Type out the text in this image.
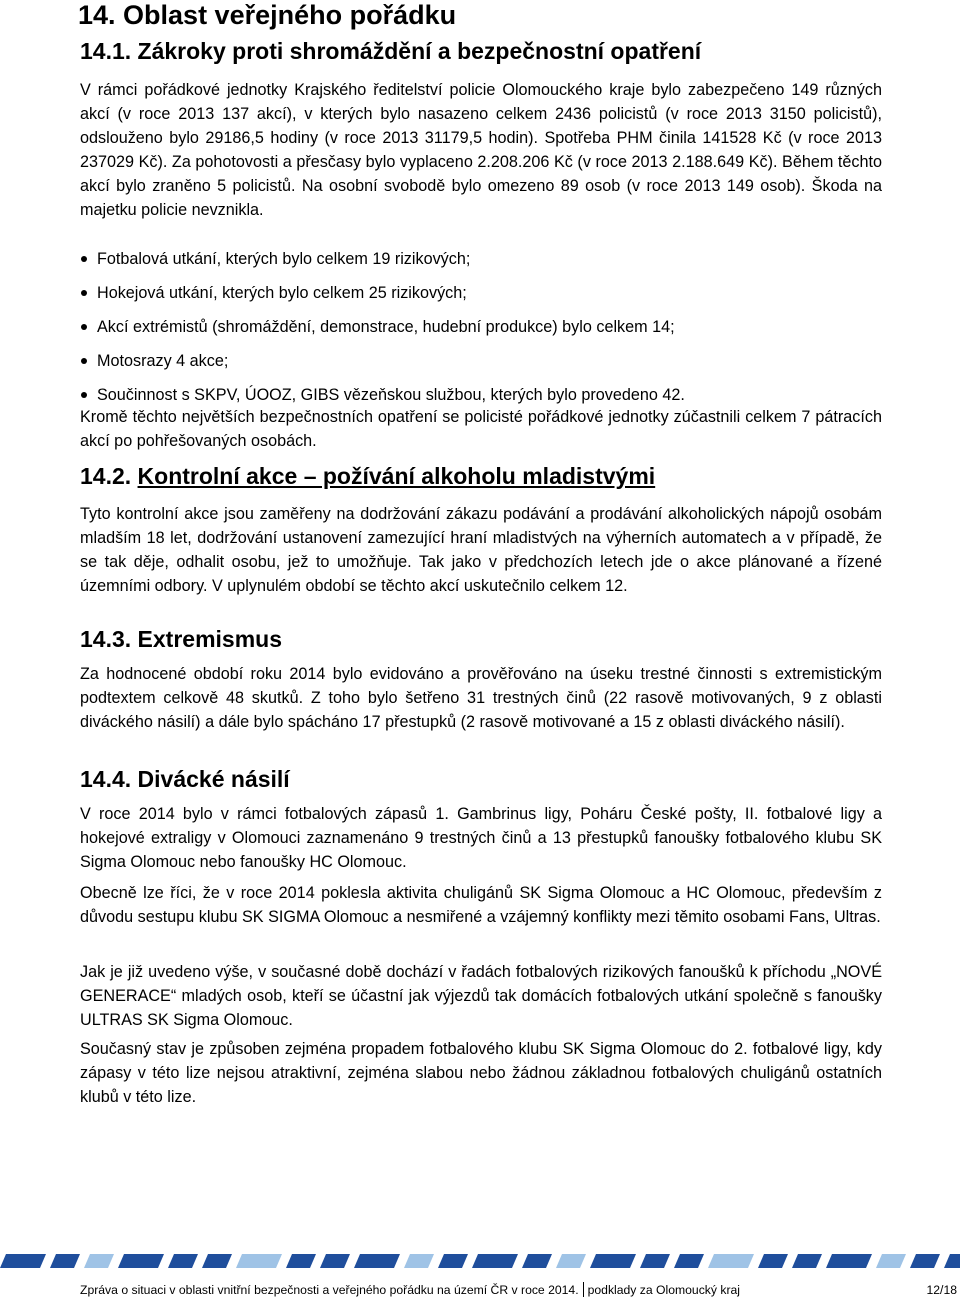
14. Oblast veřejného pořádku
14.1. Zákroky proti shromáždění a bezpečnostní opatření

V rámci pořádkové jednotky Krajského ředitelství policie Olomouckého kraje bylo zabezpečeno 149 různých akcí (v roce 2013 137 akcí), v kterých bylo nasazeno celkem 2436 policistů (v roce 2013 3150 policistů), odslouženo bylo 29186,5 hodiny (v roce 2013 31179,5 hodin). Spotřeba PHM činila 141528 Kč (v roce 2013 237029 Kč). Za pohotovosti a přesčasy bylo vyplaceno 2.208.206 Kč (v roce 2013 2.188.649 Kč). Během těchto akcí bylo zraněno 5 policistů. Na osobní svobodě bylo omezeno 89 osob (v roce 2013 149 osob). Škoda na majetku policie nevznikla.

Fotbalová utkání, kterých bylo celkem 19 rizikových;
Hokejová utkání, kterých bylo celkem 25 rizikových;
Akcí extrémistů (shromáždění, demonstrace, hudební produkce) bylo celkem 14;
Motosrazy 4 akce;
Součinnost s SKPV, ÚOOZ, GIBS vězeňskou službou, kterých bylo provedeno 42.

Kromě těchto největších bezpečnostních opatření se policisté pořádkové jednotky zúčastnili celkem 7 pátracích akcí po pohřešovaných osobách.

14.2. Kontrolní akce – požívání alkoholu mladistvými

Tyto kontrolní akce jsou zaměřeny na dodržování zákazu podávání a prodávání alkoholických nápojů osobám mladším 18 let, dodržování ustanovení zamezující hraní mladistvých na výherních automatech a v případě, že se tak děje, odhalit osobu, jež to umožňuje. Tak jako v předchozích letech jde o akce plánované a řízené územními odbory. V uplynulém období se těchto akcí uskutečnilo celkem 12.

14.3. Extremismus

Za hodnocené období roku 2014 bylo evidováno a prověřováno na úseku trestné činnosti s extremistickým podtextem celkově 48 skutků. Z toho bylo šetřeno 31 trestných činů (22 rasově motivovaných, 9 z oblasti diváckého násilí) a dále bylo spácháno 17 přestupků (2 rasově motivované a 15 z oblasti diváckého násilí).

14.4. Divácké násilí

V roce 2014 bylo v rámci fotbalových zápasů 1. Gambrinus ligy, Poháru České pošty, II. fotbalové ligy a hokejové extraligy v Olomouci zaznamenáno 9 trestných činů a 13 přestupků fanoušky fotbalového klubu SK Sigma Olomouc nebo fanoušky HC Olomouc.

Obecně lze říci, že v roce 2014 poklesla aktivita chuligánů SK Sigma Olomouc a HC Olomouc, především z důvodu sestupu klubu SK SIGMA Olomouc a nesmiřené a vzájemný konflikty mezi těmito osobami Fans, Ultras.

Jak je již uvedeno výše, v současné době dochází v řadách fotbalových rizikových fanoušků k příchodu „NOVÉ GENERACE“ mladých osob, kteří se účastní jak výjezdů tak domácích fotbalových utkání společně s fanoušky ULTRAS SK Sigma Olomouc.

Současný stav je způsoben zejména propadem fotbalového klubu SK Sigma Olomouc do 2. fotbalové ligy, kdy zápasy v této lize nejsou atraktivní, zejména slabou nebo žádnou základnou fotbalových chuligánů ostatních klubů v této lize.

Zpráva o situaci v oblasti vnitřní bezpečnosti a veřejného pořádku na území ČR v roce 2014. podklady za Olomoucký kraj	12/18
